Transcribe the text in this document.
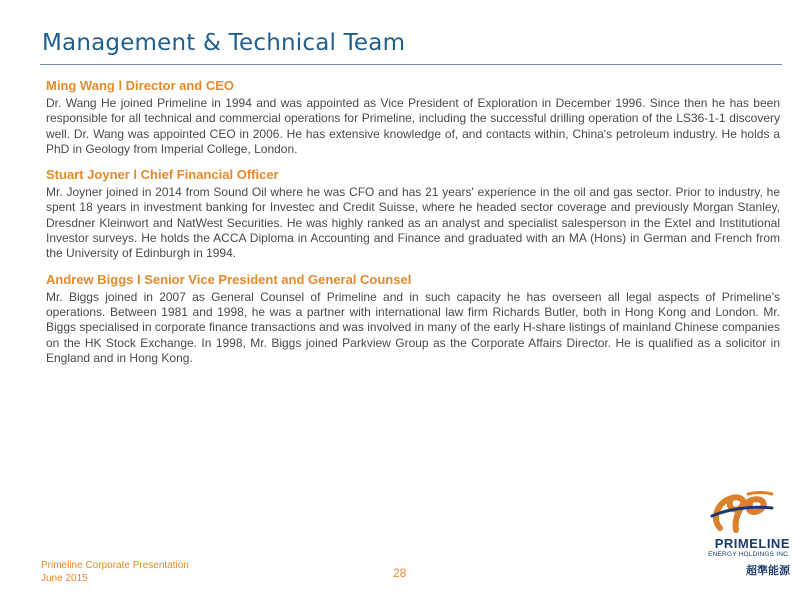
Management & Technical Team
Ming Wang l Director and CEO

Dr. Wang He joined Primeline in 1994 and was appointed as Vice President of Exploration in December 1996. Since then he has been responsible for all technical and commercial operations for Primeline, including the successful drilling operation of the LS36-1-1 discovery well. Dr. Wang was appointed CEO in 2006. He has extensive knowledge of, and contacts within, China's petroleum industry. He holds a PhD in Geology from Imperial College, London.

Stuart Joyner l Chief Financial Officer

Mr. Joyner joined in 2014 from Sound Oil where he was CFO and has 21 years' experience in the oil and gas sector. Prior to industry, he spent 18 years in investment banking for Investec and Credit Suisse, where he headed sector coverage and previously Morgan Stanley, Dresdner Kleinwort and NatWest Securities. He was highly ranked as an analyst and specialist salesperson in the Extel and Institutional Investor surveys. He holds the ACCA Diploma in Accounting and Finance and graduated with an MA (Hons) in German and French from the University of Edinburgh in 1994.

Andrew Biggs l Senior Vice President and General Counsel

Mr. Biggs joined in 2007 as General Counsel of Primeline and in such capacity he has overseen all legal aspects of Primeline's operations. Between 1981 and 1998, he was a partner with international law firm Richards Butler, both in Hong Kong and London. Mr. Biggs specialised in corporate finance transactions and was involved in many of the early H-share listings of mainland Chinese companies on the HK Stock Exchange. In 1998, Mr. Biggs joined Parkview Group as the Corporate Affairs Director. He is qualified as a solicitor in England and in Hong Kong.

Primeline Corporate Presentation
June 2015	28
PRIMELINE
ENERGY HOLDINGS INC.
超準能源
